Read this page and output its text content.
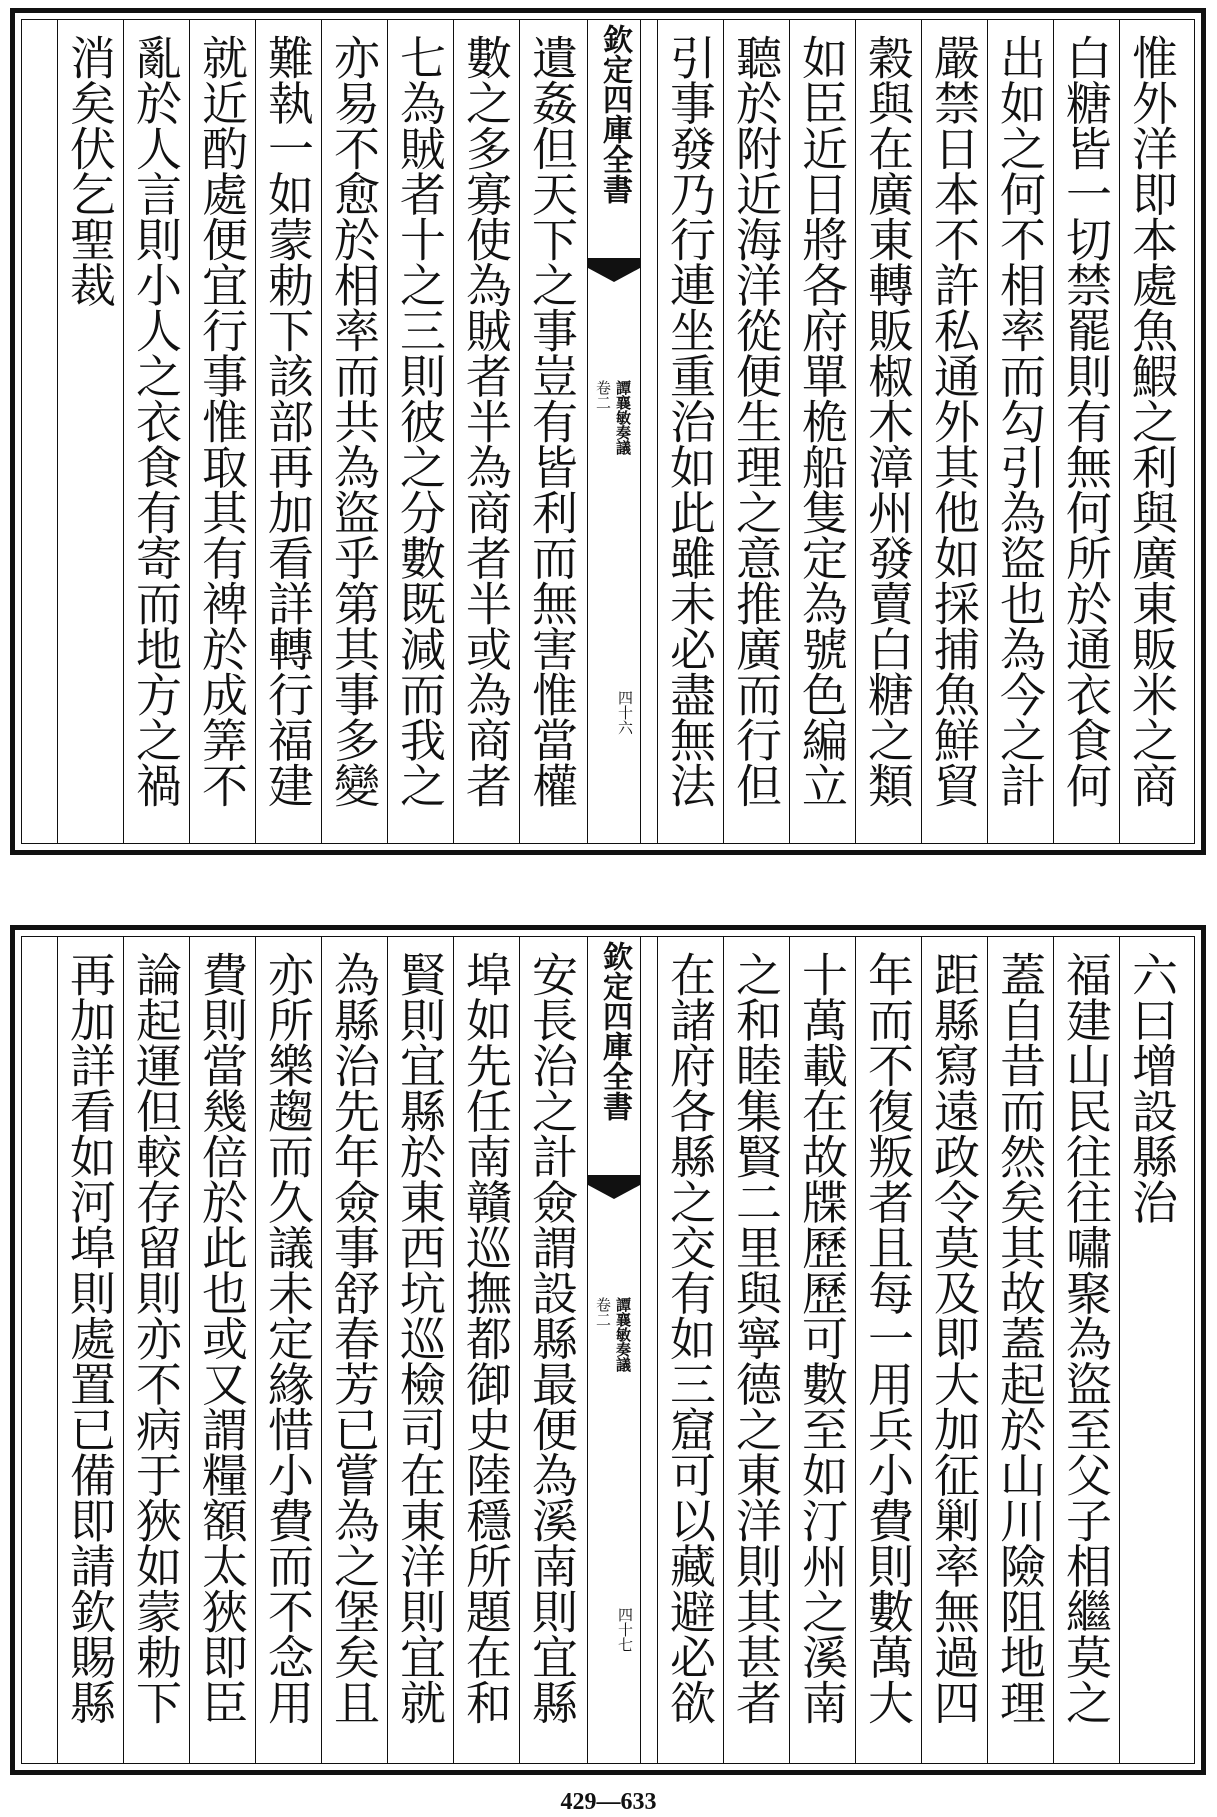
惟外洋即本處魚鰕之利與廣東販米之商
白糖皆一切禁罷則有無何所於通衣食何
出如之何不相率而勾引為盜也為今之計
嚴禁日本不許私通外其他如採捕魚鮮貿
穀與在廣東轉販椒木漳州發賣白糖之類
如臣近日將各府單桅船隻定為號色編立
聽於附近海洋從便生理之意推廣而行但
引事發乃行連坐重治如此雖未必盡無法
欽定四庫全書
譚襄敏奏議
卷二
四十六
遺姦但天下之事豈有皆利而無害惟當權
數之多寡使為賊者半為商者半或為商者
七為賊者十之三則彼之分數既減而我之
亦易不愈於相率而共為盜乎第其事多變
難執一如蒙勅下該部再加看詳轉行福建
就近酌處便宜行事惟取其有裨於成筭不
亂於人言則小人之衣食有寄而地方之禍
消矣伏乞聖裁
六曰增設縣治
福建山民往往嘯聚為盜至父子相繼莫之
蓋自昔而然矣其故蓋起於山川險阻地理
距縣寫遠政令莫及即大加征剿率無過四
年而不復叛者且每一用兵小費則數萬大
十萬載在故牒歷歷可數至如汀州之溪南
之和睦集賢二里與寧德之東洋則其甚者
在諸府各縣之交有如三窟可以藏避必欲
欽定四庫全書
譚襄敏奏議
卷二
四十七
安長治之計僉謂設縣最便為溪南則宜縣
埠如先任南贛巡撫都御史陸穩所題在和
賢則宜縣於東西坑巡檢司在東洋則宜就
為縣治先年僉事舒春芳已嘗為之堡矣且
亦所樂趨而久議未定緣惜小費而不念用
費則當幾倍於此也或又謂糧額太狹即臣
論起運但較存留則亦不病于狹如蒙勅下
再加詳看如河埠則處置已備即請欽賜縣
429—633
